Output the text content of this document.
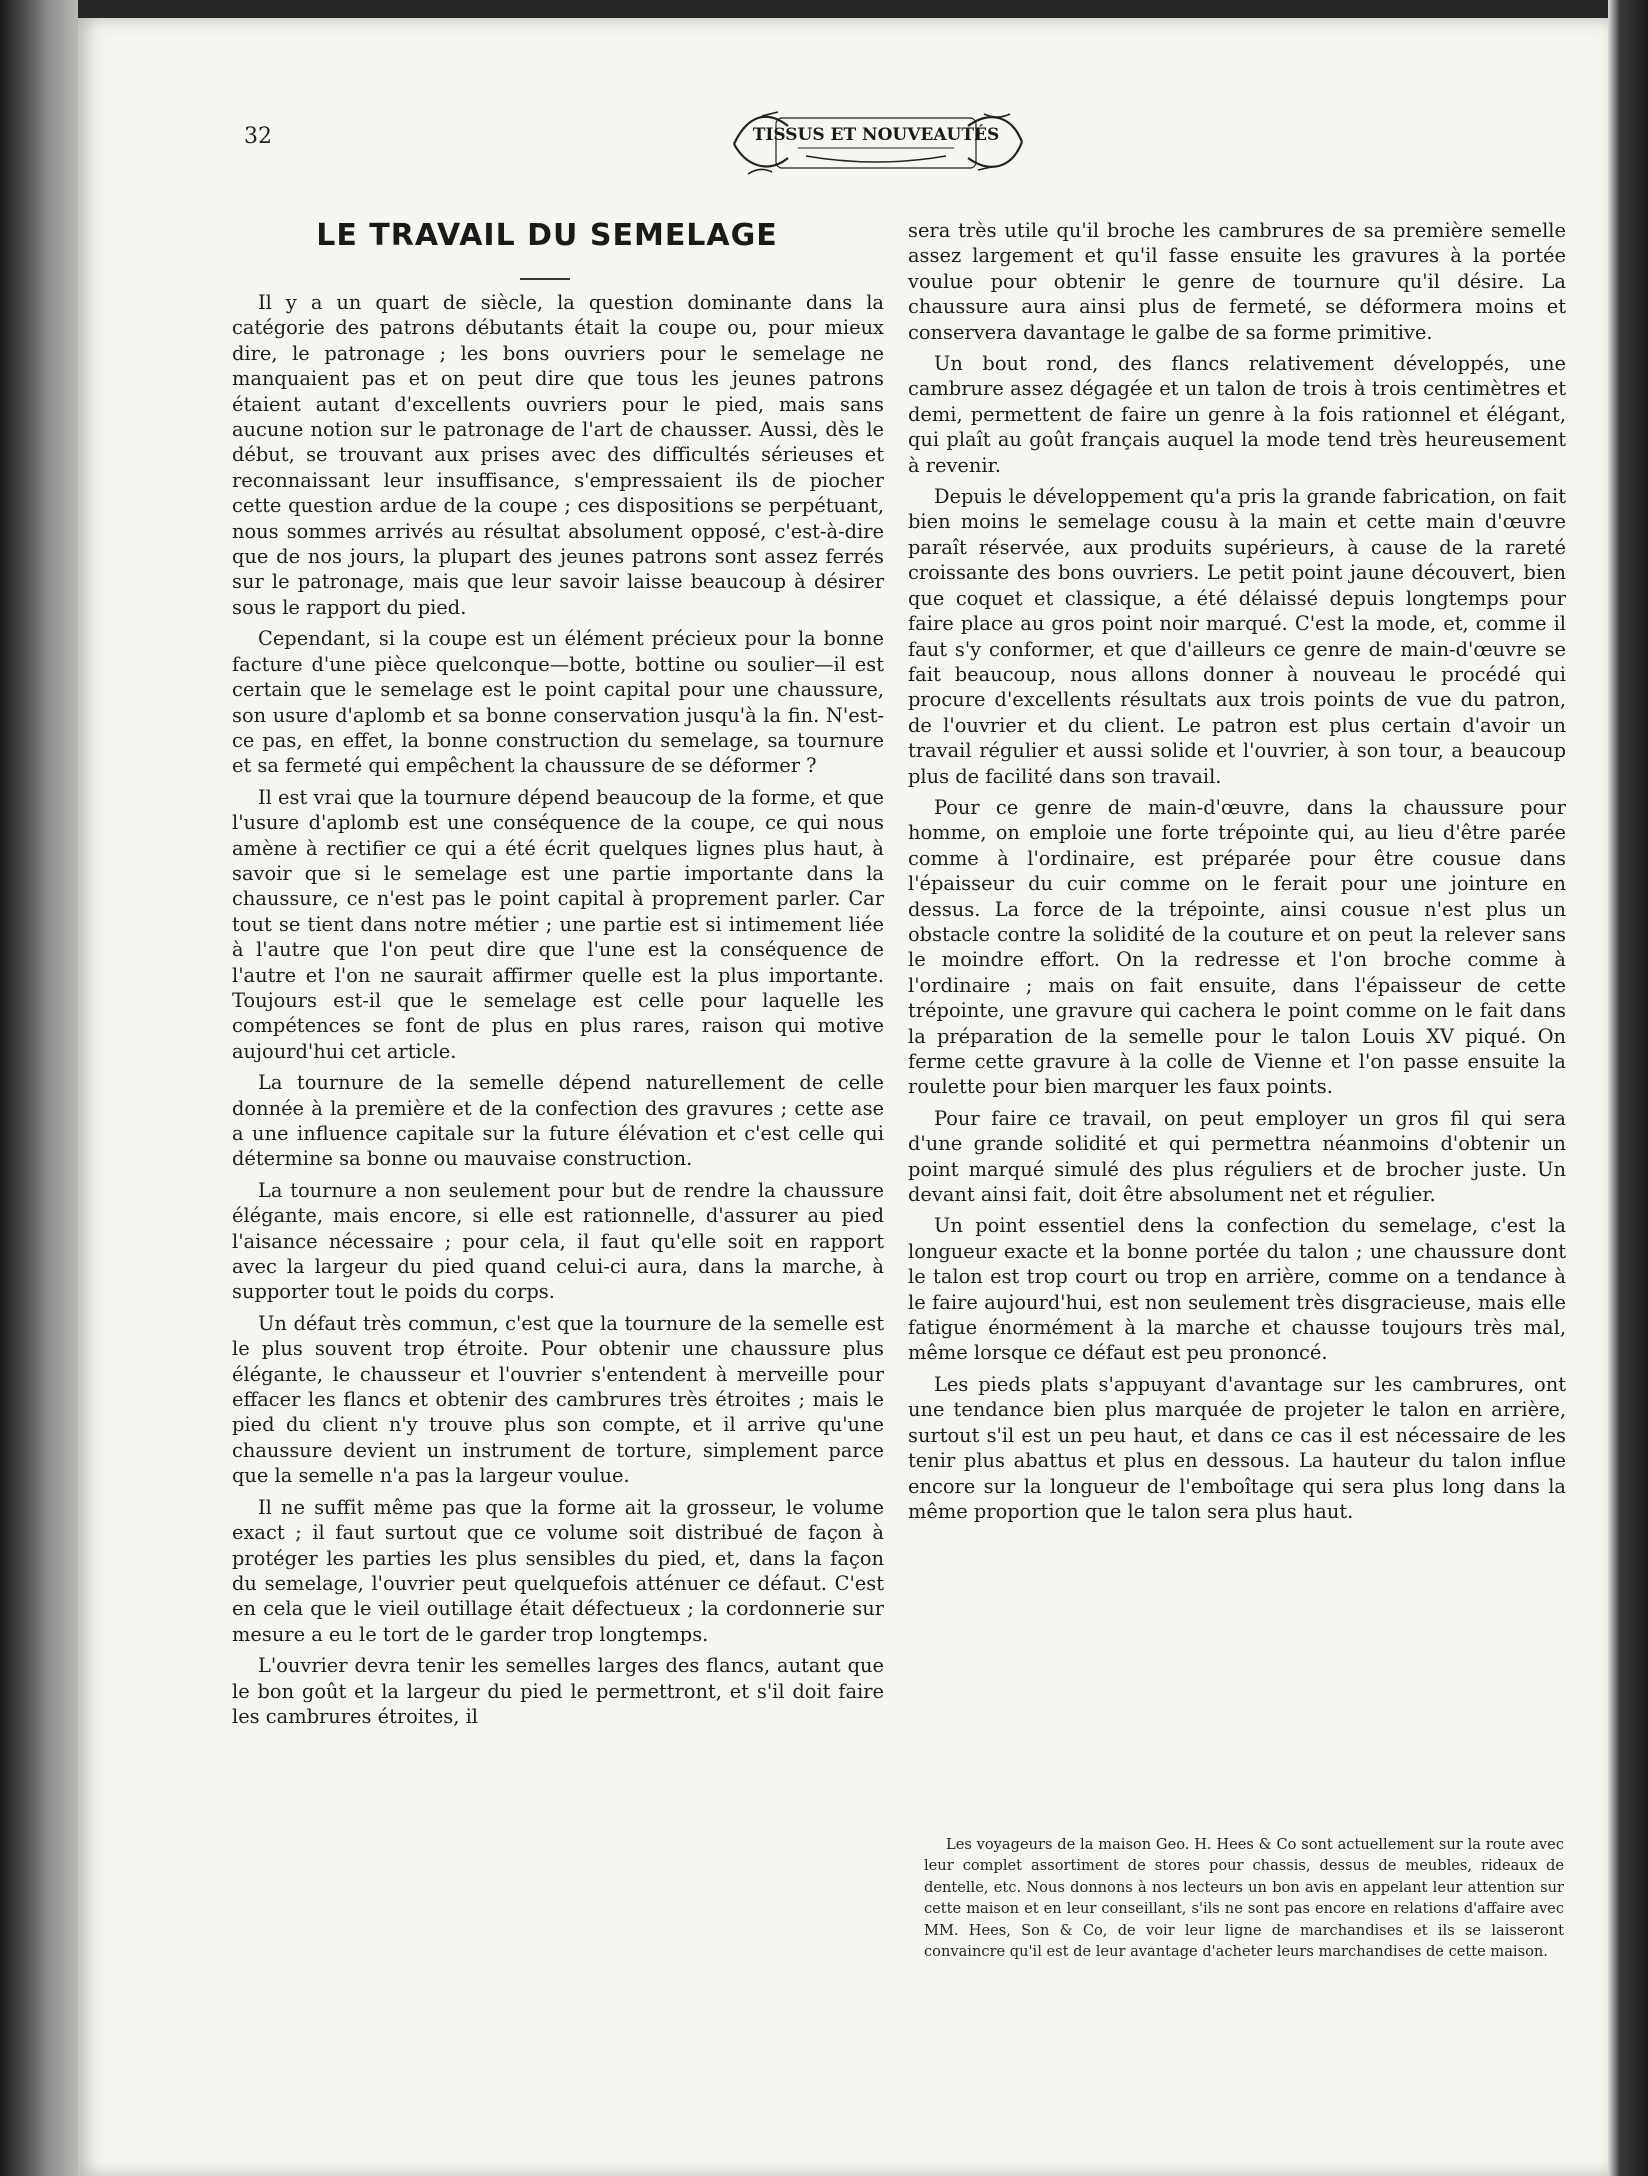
32	TISSUS ET NOUVEAUTÉS
LE TRAVAIL DU SEMELAGE

Il y a un quart de siècle, la question dominante dans la catégorie des patrons débutants était la coupe ou, pour mieux dire, le patronage ; les bons ouvriers pour le semelage ne manquaient pas et on peut dire que tous les jeunes patrons étaient autant d'excellents ouvriers pour le pied, mais sans aucune notion sur le patronage de l'art de chausser. Aussi, dès le début, se trouvant aux prises avec des difficultés sérieuses et reconnaissant leur insuffisance, s'empressaient ils de piocher cette question ardue de la coupe ; ces dispositions se perpétuant, nous sommes arrivés au résultat absolument opposé, c'est-à-dire que de nos jours, la plupart des jeunes patrons sont assez ferrés sur le patronage, mais que leur savoir laisse beaucoup à désirer sous le rapport du pied.

Cependant, si la coupe est un élément précieux pour la bonne facture d'une pièce quelconque—botte, bottine ou soulier—il est certain que le semelage est le point capital pour une chaussure, son usure d'aplomb et sa bonne conservation jusqu'à la fin. N'est-ce pas, en effet, la bonne construction du semelage, sa tournure et sa fermeté qui empêchent la chaussure de se déformer ?

Il est vrai que la tournure dépend beaucoup de la forme, et que l'usure d'aplomb est une conséquence de la coupe, ce qui nous amène à rectifier ce qui a été écrit quelques lignes plus haut, à savoir que si le semelage est une partie importante dans la chaussure, ce n'est pas le point capital à proprement parler. Car tout se tient dans notre métier ; une partie est si intimement liée à l'autre que l'on peut dire que l'une est la conséquence de l'autre et l'on ne saurait affirmer quelle est la plus importante. Toujours est-il que le semelage est celle pour laquelle les compétences se font de plus en plus rares, raison qui motive aujourd'hui cet article.

La tournure de la semelle dépend naturellement de celle donnée à la première et de la confection des gravures ; cette ase a une influence capitale sur la future élévation et c'est celle qui détermine sa bonne ou mauvaise construction.

La tournure a non seulement pour but de rendre la chaussure élégante, mais encore, si elle est rationnelle, d'assurer au pied l'aisance nécessaire ; pour cela, il faut qu'elle soit en rapport avec la largeur du pied quand celui-ci aura, dans la marche, à supporter tout le poids du corps.

Un défaut très commun, c'est que la tournure de la semelle est le plus souvent trop étroite. Pour obtenir une chaussure plus élégante, le chausseur et l'ouvrier s'entendent à merveille pour effacer les flancs et obtenir des cambrures très étroites ; mais le pied du client n'y trouve plus son compte, et il arrive qu'une chaussure devient un instrument de torture, simplement parce que la semelle n'a pas la largeur voulue.

Il ne suffit même pas que la forme ait la grosseur, le volume exact ; il faut surtout que ce volume soit distribué de façon à protéger les parties les plus sensibles du pied, et, dans la façon du semelage, l'ouvrier peut quelquefois atténuer ce défaut. C'est en cela que le vieil outillage était défectueux ; la cordonnerie sur mesure a eu le tort de le garder trop longtemps.

L'ouvrier devra tenir les semelles larges des flancs, autant que le bon goût et la largeur du pied le permettront, et s'il doit faire les cambrures étroites, il

sera très utile qu'il broche les cambrures de sa première semelle assez largement et qu'il fasse ensuite les gravures à la portée voulue pour obtenir le genre de tournure qu'il désire. La chaussure aura ainsi plus de fermeté, se déformera moins et conservera davantage le galbe de sa forme primitive.

Un bout rond, des flancs relativement développés, une cambrure assez dégagée et un talon de trois à trois centimètres et demi, permettent de faire un genre à la fois rationnel et élégant, qui plaît au goût français auquel la mode tend très heureusement à revenir.

Depuis le développement qu'a pris la grande fabrication, on fait bien moins le semelage cousu à la main et cette main d'œuvre paraît réservée, aux produits supérieurs, à cause de la rareté croissante des bons ouvriers. Le petit point jaune découvert, bien que coquet et classique, a été délaissé depuis longtemps pour faire place au gros point noir marqué. C'est la mode, et, comme il faut s'y conformer, et que d'ailleurs ce genre de main-d'œuvre se fait beaucoup, nous allons donner à nouveau le procédé qui procure d'excellents résultats aux trois points de vue du patron, de l'ouvrier et du client. Le patron est plus certain d'avoir un travail régulier et aussi solide et l'ouvrier, à son tour, a beaucoup plus de facilité dans son travail.

Pour ce genre de main-d'œuvre, dans la chaussure pour homme, on emploie une forte trépointe qui, au lieu d'être parée comme à l'ordinaire, est préparée pour être cousue dans l'épaisseur du cuir comme on le ferait pour une jointure en dessus. La force de la trépointe, ainsi cousue n'est plus un obstacle contre la solidité de la couture et on peut la relever sans le moindre effort. On la redresse et l'on broche comme à l'ordinaire ; mais on fait ensuite, dans l'épaisseur de cette trépointe, une gravure qui cachera le point comme on le fait dans la préparation de la semelle pour le talon Louis XV piqué. On ferme cette gravure à la colle de Vienne et l'on passe ensuite la roulette pour bien marquer les faux points.

Pour faire ce travail, on peut employer un gros fil qui sera d'une grande solidité et qui permettra néanmoins d'obtenir un point marqué simulé des plus réguliers et de brocher juste. Un devant ainsi fait, doit être absolument net et régulier.

Un point essentiel dens la confection du semelage, c'est la longueur exacte et la bonne portée du talon ; une chaussure dont le talon est trop court ou trop en arrière, comme on a tendance à le faire aujourd'hui, est non seulement très disgracieuse, mais elle fatigue énormément à la marche et chausse toujours très mal, même lorsque ce défaut est peu prononcé.

Les pieds plats s'appuyant d'avantage sur les cambrures, ont une tendance bien plus marquée de projeter le talon en arrière, surtout s'il est un peu haut, et dans ce cas il est nécessaire de les tenir plus abattus et plus en dessous. La hauteur du talon influe encore sur la longueur de l'emboîtage qui sera plus long dans la même proportion que le talon sera plus haut.

Les voyageurs de la maison Geo. H. Hees & Co sont actuellement sur la route avec leur complet assortiment de stores pour chassis, dessus de meubles, rideaux de dentelle, etc. Nous donnons à nos lecteurs un bon avis en appelant leur attention sur cette maison et en leur conseillant, s'ils ne sont pas encore en relations d'affaire avec MM. Hees, Son & Co, de voir leur ligne de marchandises et ils se laisseront convaincre qu'il est de leur avantage d'acheter leurs marchandises de cette maison.
